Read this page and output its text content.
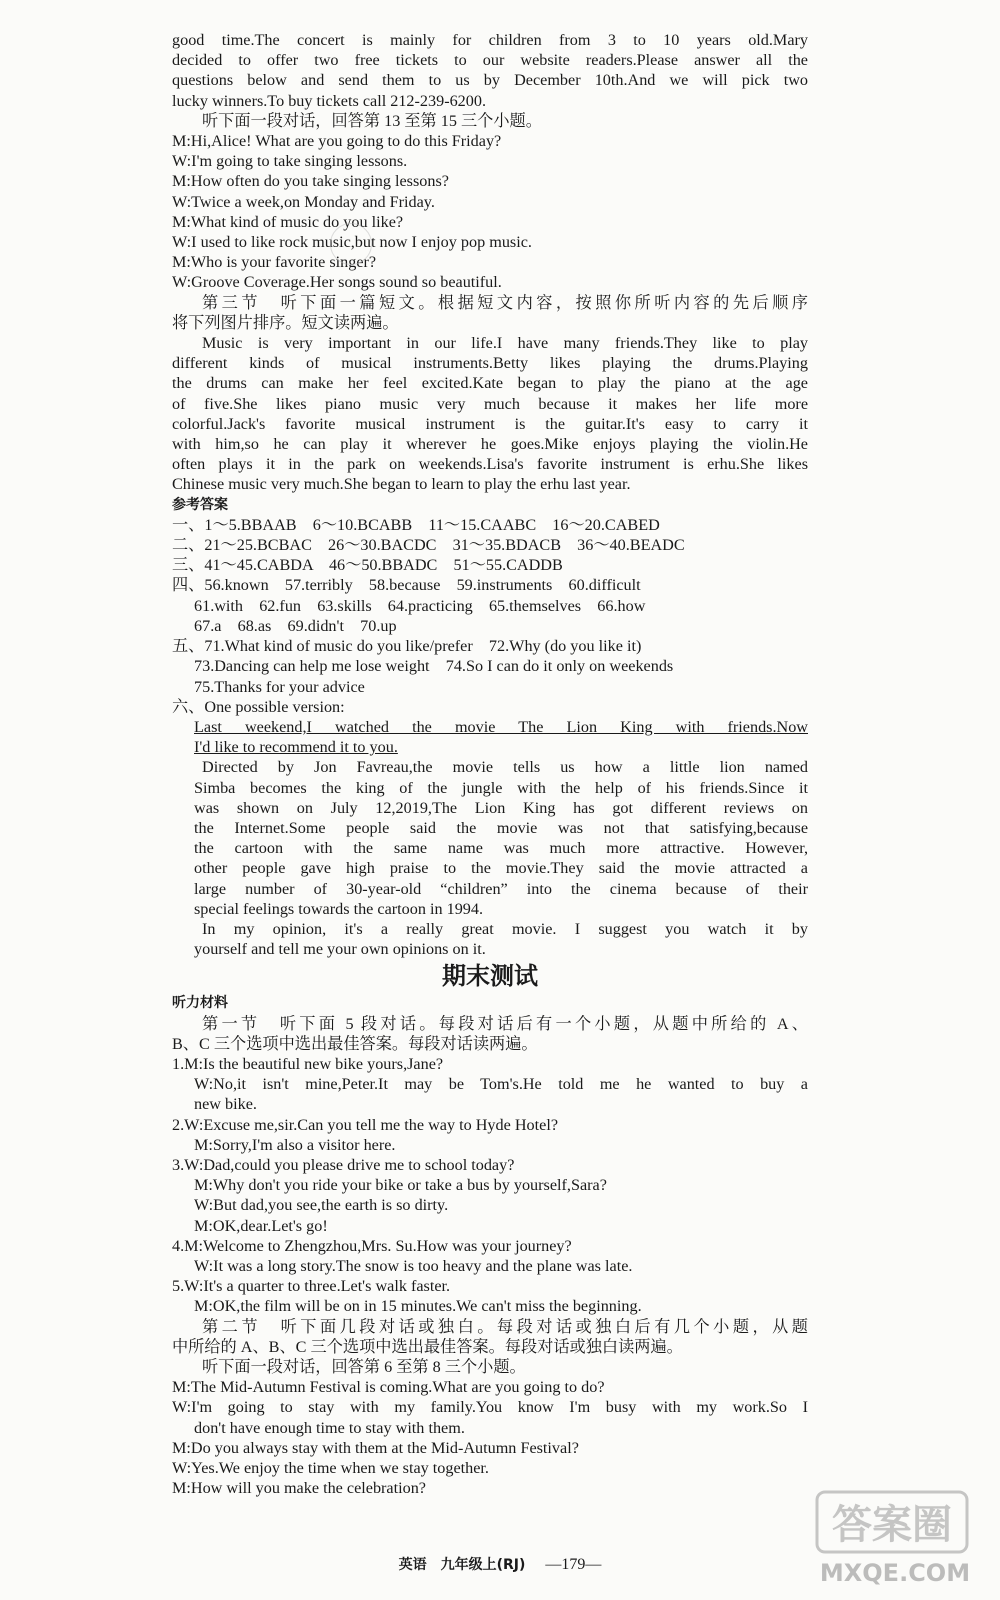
good time.The concert is mainly for children from 3 to 10 years old.Mary
decided to offer two free tickets to our website readers.Please answer all the
questions below and send them to us by December 10th.And we will pick two
lucky winners.To buy tickets call 212-239-6200.
听下面一段对话，回答第 13 至第 15 三个小题。
M:Hi,Alice! What are you going to do this Friday?
W:I'm going to take singing lessons.
M:How often do you take singing lessons?
W:Twice a week,on Monday and Friday.
M:What kind of music do you like?
W:I used to like rock music,but now I enjoy pop music.
M:Who is your favorite singer?
W:Groove Coverage.Her songs sound so beautiful.
第三节　听下面一篇短文。根据短文内容，按照你所听内容的先后顺序
将下列图片排序。短文读两遍。
Music is very important in our life.I have many friends.They like to play
different kinds of musical instruments.Betty likes playing the drums.Playing
the drums can make her feel excited.Kate began to play the piano at the age
of five.She likes piano music very much because it makes her life more
colorful.Jack's favorite musical instrument is the guitar.It's easy to carry it
with him,so he can play it wherever he goes.Mike enjoys playing the violin.He
often plays it in the park on weekends.Lisa's favorite instrument is erhu.She likes
Chinese music very much.She began to learn to play the erhu last year.
参考答案
一、1～5.BBAAB　6～10.BCABB　11～15.CAABC　16～20.CABED
二、21～25.BCBAC　26～30.BACDC　31～35.BDACB　36～40.BEADC
三、41～45.CABDA　46～50.BBADC　51～55.CADDB
四、56.known　57.terribly　58.because　59.instruments　60.difficult
61.with　62.fun　63.skills　64.practicing　65.themselves　66.how
67.a　68.as　69.didn't　70.up
五、71.What kind of music do you like/prefer　72.Why (do you like it)
73.Dancing can help me lose weight　74.So I can do it only on weekends
75.Thanks for your advice
六、One possible version:
Last weekend,I watched the movie The Lion King with friends.Now
I'd like to recommend it to you.
Directed by Jon Favreau,the movie tells us how a little lion named
Simba becomes the king of the jungle with the help of his friends.Since it
was shown on July 12,2019,The Lion King has got different reviews on
the Internet.Some people said the movie was not that satisfying,because
the cartoon with the same name was much more attractive. However,
other people gave high praise to the movie.They said the movie attracted a
large number of 30-year-old “children” into the cinema because of their
special feelings towards the cartoon in 1994.
In my opinion, it's a really great movie. I suggest you watch it by
yourself and tell me your own opinions on it.
期末测试
听力材料
第一节　听下面 5 段对话。每段对话后有一个小题，从题中所给的 A、
B、C 三个选项中选出最佳答案。每段对话读两遍。
1.M:Is the beautiful new bike yours,Jane?
W:No,it isn't mine,Peter.It may be Tom's.He told me he wanted to buy a
new bike.
2.W:Excuse me,sir.Can you tell me the way to Hyde Hotel?
M:Sorry,I'm also a visitor here.
3.W:Dad,could you please drive me to school today?
M:Why don't you ride your bike or take a bus by yourself,Sara?
W:But dad,you see,the earth is so dirty.
M:OK,dear.Let's go!
4.M:Welcome to Zhengzhou,Mrs. Su.How was your journey?
W:It was a long story.The snow is too heavy and the plane was late.
5.W:It's a quarter to three.Let's walk faster.
M:OK,the film will be on in 15 minutes.We can't miss the beginning.
第二节　听下面几段对话或独白。每段对话或独白后有几个小题，从题
中所给的 A、B、C 三个选项中选出最佳答案。每段对话或独白读两遍。
听下面一段对话，回答第 6 至第 8 三个小题。
M:The Mid-Autumn Festival is coming.What are you going to do?
W:I'm going to stay with my family.You know I'm busy with my work.So I
don't have enough time to stay with them.
M:Do you always stay with them at the Mid-Autumn Festival?
W:Yes.We enjoy the time when we stay together.
M:How will you make the celebration?
英语　九年级上(RJ) —179—
答案圈
MXQE.COM
